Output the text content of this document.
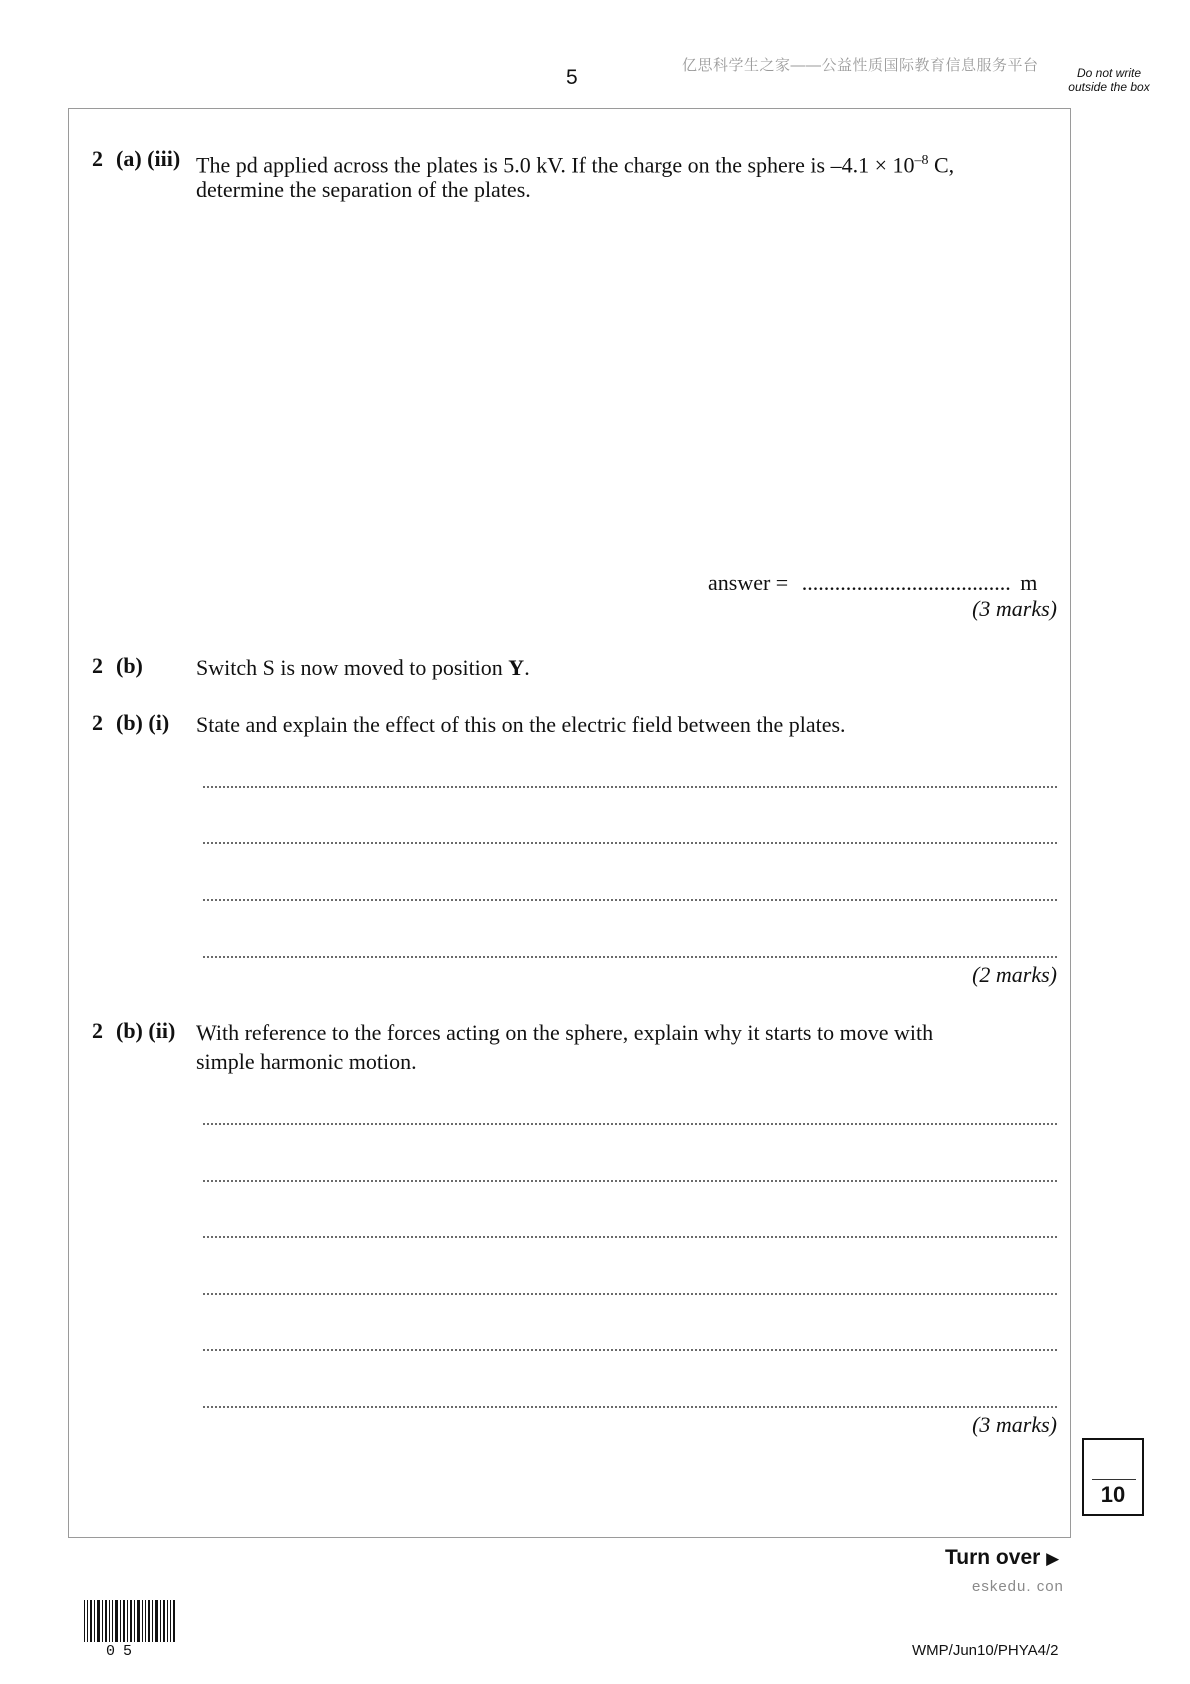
5
亿思科学生之家——公益性质国际教育信息服务平台	Do not write outside the box
2 (a) (iii) The pd applied across the plates is 5.0 kV. If the charge on the sphere is $-4.1 \times 10^{-8}$ C,
determine the separation of the plates.
answer = ...................................... m
(3 marks)
2 (b) Switch S is now moved to position Y.
2 (b) (i) State and explain the effect of this on the electric field between the plates.
(2 marks)
2 (b) (ii) With reference to the forces acting on the sphere, explain why it starts to move with
simple harmonic motion.
(3 marks)
10
Turn over ▶
eskedu. con
WMP/Jun10/PHYA4/2
05
